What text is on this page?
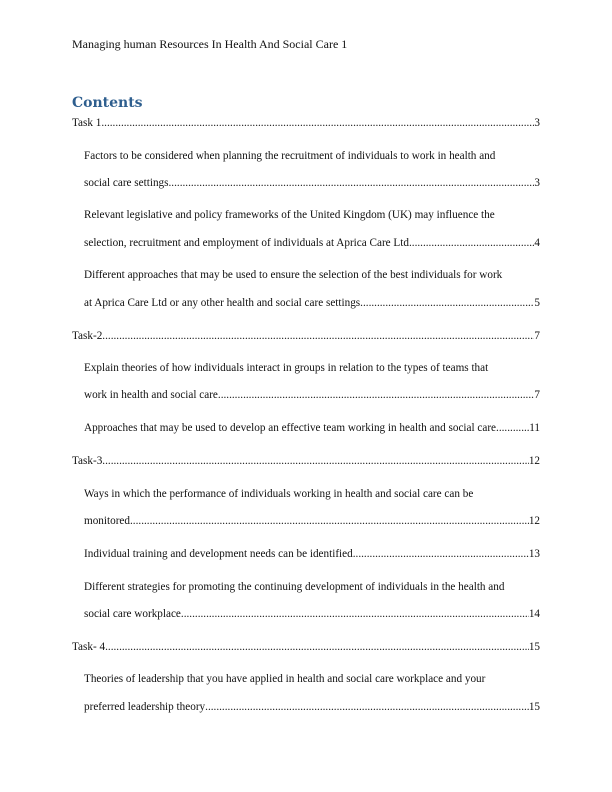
Managing human Resources In Health And Social Care 1
Contents
Task 1 .....	3
Factors to be considered when planning the recruitment of individuals to work in health and
social care settings .....	3
Relevant legislative and policy frameworks of the United Kingdom (UK) may influence the
selection, recruitment and employment of individuals at Aprica Care Ltd. .....	4
Different approaches that may be used to ensure the selection of the best individuals for work
at Aprica Care Ltd or any other health and social care settings .....	5
Task-2 .....	7
Explain theories of how individuals interact in groups in relation to the types of teams that
work in health and social care .....	7
Approaches that may be used to develop an effective team working in health and social care .....	11
Task-3 .....	12
Ways in which the performance of individuals working in health and social care can be
monitored .....	12
Individual training and development needs can be identified .....	13
Different strategies for promoting the continuing development of individuals in the health and
social care workplace .....	14
Task- 4 .....	15
Theories of leadership that you have applied in health and social care workplace and your
preferred leadership theory .....	15
